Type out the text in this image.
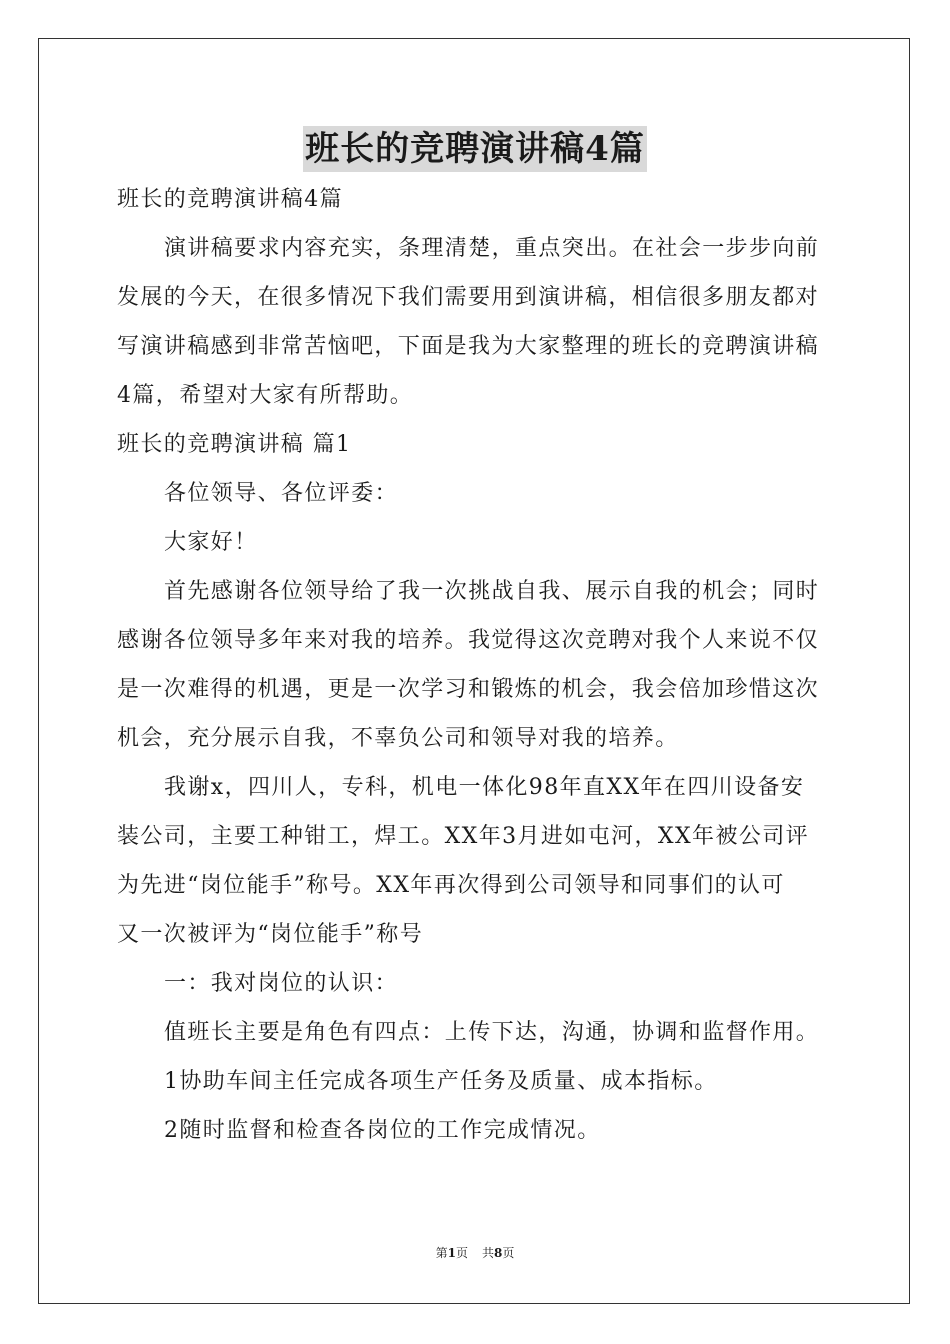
班长的竞聘演讲稿4篇
班长的竞聘演讲稿4篇
演讲稿要求内容充实，条理清楚，重点突出。在社会一步步向前
发展的今天，在很多情况下我们需要用到演讲稿，相信很多朋友都对
写演讲稿感到非常苦恼吧，下面是我为大家整理的班长的竞聘演讲稿
4篇，希望对大家有所帮助。
班长的竞聘演讲稿 篇1
各位领导、各位评委：
大家好！
首先感谢各位领导给了我一次挑战自我、展示自我的机会；同时
感谢各位领导多年来对我的培养。我觉得这次竞聘对我个人来说不仅
是一次难得的机遇，更是一次学习和锻炼的机会，我会倍加珍惜这次
机会，充分展示自我，不辜负公司和领导对我的培养。
我谢x，四川人，专科，机电一体化98年直XX年在四川设备安
装公司，主要工种钳工，焊工。XX年3月进如屯河，XX年被公司评
为先进“岗位能手”称号。XX年再次得到公司领导和同事们的认可
又一次被评为“岗位能手”称号
一：我对岗位的认识：
值班长主要是角色有四点：上传下达，沟通，协调和监督作用。
1协助车间主任完成各项生产任务及质量、成本指标。
2随时监督和检查各岗位的工作完成情况。
第1页 共8页
